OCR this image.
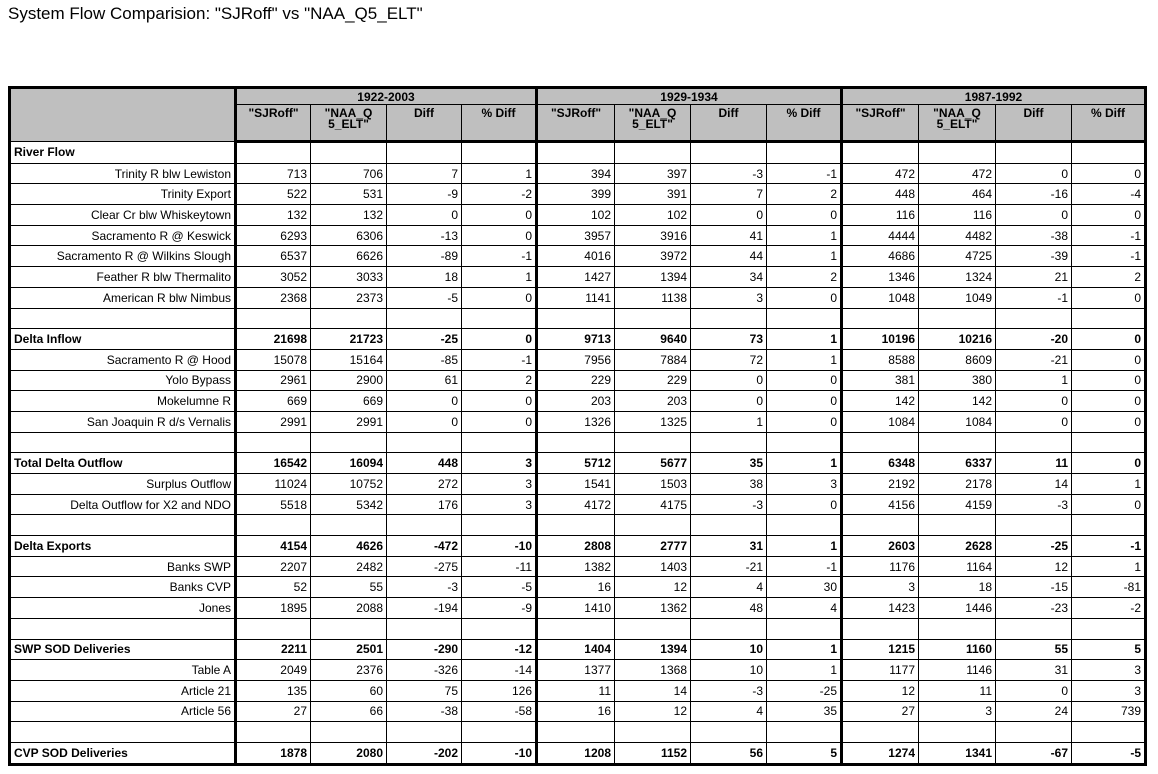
System Flow Comparision: "SJRoff" vs "NAA_Q5_ELT"
	1922-2003				1929-1934				1987-1992			
	"SJRoff"	"NAA_Q5_ELT"	Diff	% Diff	"SJRoff"	"NAA_Q5_ELT"	Diff	% Diff	"SJRoff"	"NAA_Q5_ELT"	Diff	% Diff
River Flow												
Trinity R blw Lewiston	713	706	7	1	394	397	-3	-1	472	472	0	0
Trinity Export	522	531	-9	-2	399	391	7	2	448	464	-16	-4
Clear Cr blw Whiskeytown	132	132	0	0	102	102	0	0	116	116	0	0
Sacramento R @ Keswick	6293	6306	-13	0	3957	3916	41	1	4444	4482	-38	-1
Sacramento R @ Wilkins Slough	6537	6626	-89	-1	4016	3972	44	1	4686	4725	-39	-1
Feather R blw Thermalito	3052	3033	18	1	1427	1394	34	2	1346	1324	21	2
American R blw Nimbus	2368	2373	-5	0	1141	1138	3	0	1048	1049	-1	0

Delta Inflow	21698	21723	-25	0	9713	9640	73	1	10196	10216	-20	0
Sacramento R @ Hood	15078	15164	-85	-1	7956	7884	72	1	8588	8609	-21	0
Yolo Bypass	2961	2900	61	2	229	229	0	0	381	380	1	0
Mokelumne R	669	669	0	0	203	203	0	0	142	142	0	0
San Joaquin R d/s Vernalis	2991	2991	0	0	1326	1325	1	0	1084	1084	0	0

Total Delta Outflow	16542	16094	448	3	5712	5677	35	1	6348	6337	11	0
Surplus Outflow	11024	10752	272	3	1541	1503	38	3	2192	2178	14	1
Delta Outflow for X2 and NDO	5518	5342	176	3	4172	4175	-3	0	4156	4159	-3	0

Delta Exports	4154	4626	-472	-10	2808	2777	31	1	2603	2628	-25	-1
Banks SWP	2207	2482	-275	-11	1382	1403	-21	-1	1176	1164	12	1
Banks CVP	52	55	-3	-5	16	12	4	30	3	18	-15	-81
Jones	1895	2088	-194	-9	1410	1362	48	4	1423	1446	-23	-2

SWP SOD Deliveries	2211	2501	-290	-12	1404	1394	10	1	1215	1160	55	5
Table A	2049	2376	-326	-14	1377	1368	10	1	1177	1146	31	3
Article 21	135	60	75	126	11	14	-3	-25	12	11	0	3
Article 56	27	66	-38	-58	16	12	4	35	27	3	24	739

CVP SOD Deliveries	1878	2080	-202	-10	1208	1152	56	5	1274	1341	-67	-5
